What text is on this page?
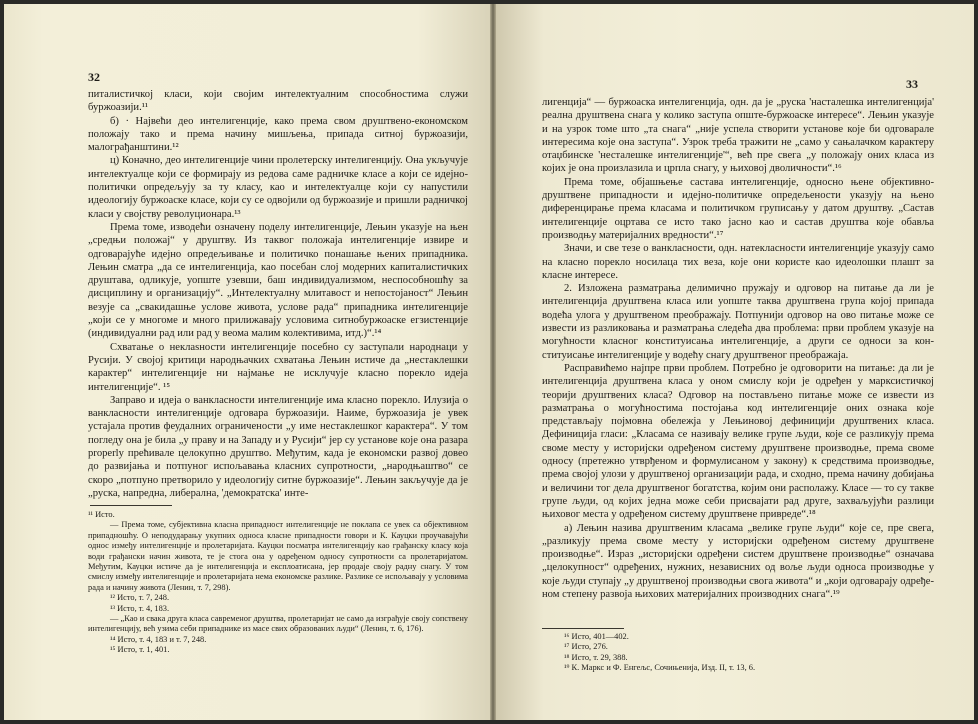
32

питалистичкој класи, који својим интелектуалним способностима служи буржоазији.¹¹

б) · Највећи део интелигенције, како према свом друштвено-економском положају тако и према начину мишљења, припада ситној буржоазији, малограђанштини.¹²

ц) Коначно, део интелигенције чини пролетерску интелигенцију. Она укључује интелектуалце који се формирају из редова саме радничке класе а који се идејно-политички опредељују за ту класу, као и интелектуалце који су напустили идеологију буржоаске класе, који су се одвојили од буржоазије и пришли радничкој класи у својству револуционара.¹³

Према томе, изводећи означену поделу интелигенције, Лењин указује на њен „средњи положај“ у друштву. Из таквог положаја интелигенције извире и одговарајуће идејно опредељивање и политичко понашање њених припадника. Лењин сматра „да се интелигенција, као посебан слој модерних капиталистичких друштава, одликује, уопште узевши, баш индивидуализмом, неспособношћу за дисциплину и организацију“. „Интелектуалну млитавост и непостојаност“ Лењин везује са „свакидашње услове живота, услове рада“ припадника интелигенције „који се у многоме и много прилижавају условима ситнобуржоаске егзистенције (индивидуални рад или рад у веома малим колективима, итд.)“.¹⁴

Схватање о неклаsности интелигенције посебно су заступали народнаци у Русији. У својој критици народњачких схватања Лењин истиче да „нестаклешки карактер“ интелигенције ни најмање не исклучује класно порекло идеја интелигенције“. ¹⁵

Заправо и идеја о ванкласности интелигенције има класно порекло. Илузија о ванкласности интелигенције одговара буржоазији. Наиме, буржоазија је увек устајала против феудалних ограничености „у име нестаклешког карактера“. У том погледу она је била „у праву и на Западу и у Русији“ јер су установе које она разара properly прећивале целокупно друштво. Међутим, када је економски развој довео до развијања и потпуног испољавања класних супротности, „народњаштво“ се скоро „потпуно претворило у идеологију ситне буржоазије“. Лењин закључује да је „руска, напредна, либерална, 'демократска' инте-

¹¹ Исто.

— Према томе, субјективна класна припадност интелигенције не поклапа се увек са објективном припадношћу. О неподударању укупних односа класне припадности говори и К. Кауцки проучавајући однос између интелигенције и пролетаријата. Кауцки посматра интелигенцију као грађанску класу која води грађански начин живота, те је стога она у одређеном односу супротности са пролетаријатом. Међутим, Кауцки истиче да је интелигенција и експлоатисана, јер продаје своју радну снагу. У том смислу између интелигенције и пролетаријата нема економске разлике. Разлике се испољавају у условима рада и начину живота (Ленин, т. 7, 298).

¹² Исто, т. 7, 248.

¹³ Исто, т. 4, 183.

— „Као и свака друга класа савременог друштва, пролетаријат не само да изграђује своју сопствену интелигенцију, већ узима себи припаднике из масе свих образованих људи“ (Ленин, т. 6, 176).

¹⁴ Исто, т. 4, 183 и т. 7, 248.

¹⁵ Исто, т. 1, 401.

33

лигенција“ — буржоаска интелигенција, одн. да је „руска 'насталешка интелигенција' реална друштвена снага у колико заступа опште-буржоаске интересе“. Лењин указује и на узрок томе што „та снага“ „није успела створити установе које би одговарале интересима које она заступа“. Узрок треба тражити не „само у сањалачком карактеру отаџбинске 'несталешке интелигенције'“, већ пре свега „у положају оних класа из којих је она произлазила и црпла снагу, у њиховој дволичности“.¹⁶

Према томе, објашњење састава интелигенције, односно њене објективно-друштвене припадности и идејно-политичке опредељености указују на њено диференцирање према класама и политичком груписању у датом друштву. „Састав интелигенције оцртава се исто тако јасно као и састав друштва које обавља производњу материјалних вредности“.¹⁷

Значи, и све тезе о ванкласности, одн. натекласности интелигенције указују само на класно порекло носилаца тих веза, које они користе као идеолошки плашт за класне интересе.

2. Изложена разматрања делимично пружају и одговор на питање да ли је интелигенција друштвена класа или уопште таква друштвена група којој припада водећа улога у друштвеном преображају. Потпунији одговор на ово питање може се извести из разликовања и разматрања следећа два проблема: први проблем указује на могућности класног конституисања интелигенције, а други се односи за конституисање интелигенције у водећу снагу друштвеног преображаја.

Расправићемо најпре први проблем. Потребно је одговорити на питање: да ли је интелигенција друштвена класа у оном смислу који је одређен у марксистичкој теорији друштвених класа? Одговор на постављено питање може се извести из разматрања о могућностима постојања код интелигенције оних ознака које представљају појмовна обележја у Лењиновој дефиницији друштвених класа. Дефиниција гласи: „Класама се називају велике групе људи, које се разликују према своме месту у историјски одређеном систему друштвене производње, према своме односу (претежно утврђеном и формулисаном у закону) к средствима производње, према својој улози у друштвеној организацији рада, и сходно, према начину добијања и величини тог дела друштвеног богатства, којим они располажу. Класе — то су такве групе људи, од којих једна може себи присваjати рад друге, захваљујући разлици њиховог места у одређеном систему друштвене привреде“.¹⁸

а) Лењин назива друштвеним класама „велике групе људи“ које се, пре свега, „разликују према своме месту у историјски одређеном систему друштвене производње“. Израз „историјски одређени систем друштвене производње“ означава „целокупност“ одређених, нужних, независних од воље људи односа производње у које људи ступају „у друштвеној производњи свога живота“ и „који одговарају одређеном степену развоја њихових материјалних производних снага“.¹⁹

¹⁶ Исто, 401—402.

¹⁷ Исто, 276.

¹⁸ Исто, т. 29, 388.

¹⁹ К. Маркс и Ф. Енгељс, Сочињенија, Изд. II, т. 13, 6.
